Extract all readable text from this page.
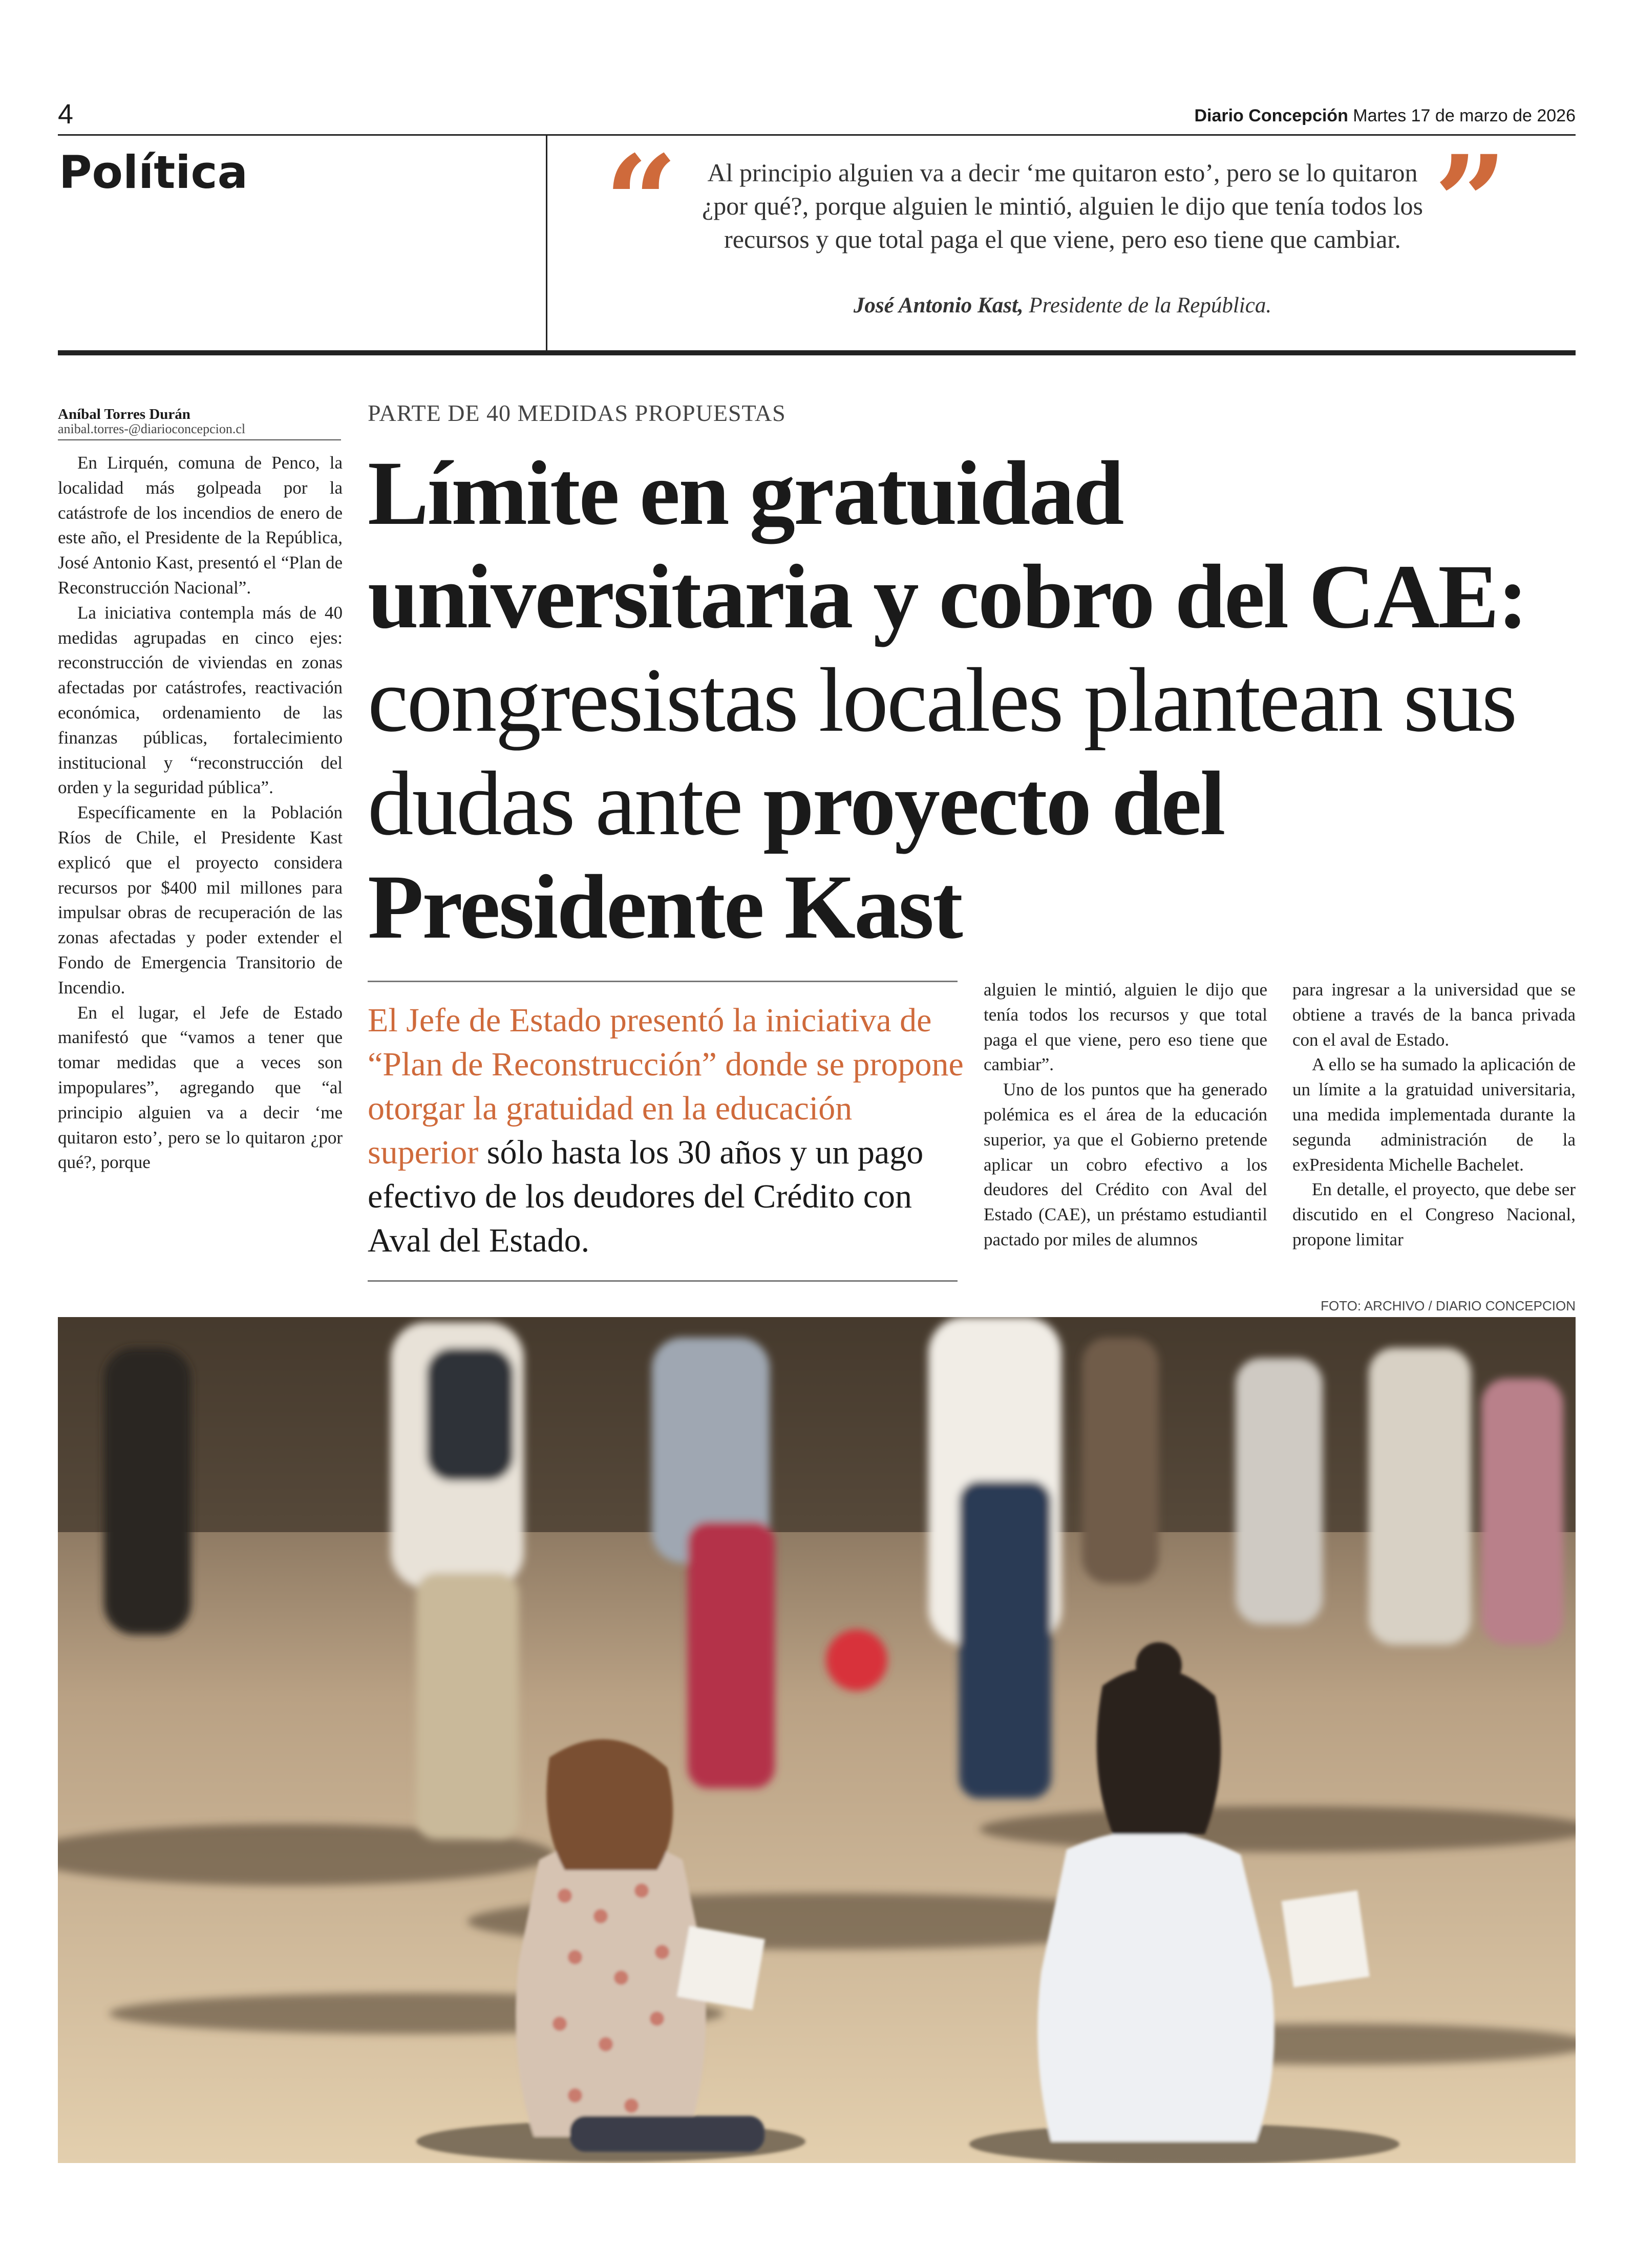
4	Diario Concepción Martes 17 de marzo de 2026
Política	“	”
Al principio alguien va a decir ‘me quitaron esto’, pero se lo quitaron ¿por qué?, porque alguien le mintió, alguien le dijo que tenía todos los recursos y que total paga el que viene, pero eso tiene que cambiar.
José Antonio Kast, Presidente de la República.
Aníbal Torres Durán
anibal.torres-@diarioconcepcion.cl

En Lirquén, comuna de Penco, la localidad más golpeada por la catástrofe de los incendios de enero de este año, el Presidente de la República, José Antonio Kast, presentó el “Plan de Reconstrucción Nacional”.

La iniciativa contempla más de 40 medidas agrupadas en cinco ejes: reconstrucción de viviendas en zonas afectadas por catástrofes, reactivación económica, ordenamiento de las finanzas públicas, fortalecimiento institucional y “reconstrucción del orden y la seguridad pública”.

Específicamente en la Población Ríos de Chile, el Presidente Kast explicó que el proyecto considera recursos por $400 mil millones para impulsar obras de recuperación de las zonas afectadas y poder extender el Fondo de Emergencia Transitorio de Incendio.

En el lugar, el Jefe de Estado manifestó que “vamos a tener que tomar medidas que a veces son impopulares”, agregando que “al principio alguien va a decir ‘me quitaron esto’, pero se lo quitaron ¿por qué?, porque

PARTE DE 40 MEDIDAS PROPUESTAS
Límite en gratuidad universitaria y cobro del CAE: congresistas locales plantean sus dudas ante proyecto del Presidente Kast
El Jefe de Estado presentó la iniciativa de “Plan de Reconstrucción” donde se propone otorgar la gratuidad en la educación superior sólo hasta los 30 años y un pago efectivo de los deudores del Crédito con Aval del Estado.

alguien le mintió, alguien le dijo que tenía todos los recursos y que total paga el que viene, pero eso tiene que cambiar”.

Uno de los puntos que ha generado polémica es el área de la educación superior, ya que el Gobierno pretende aplicar un cobro efectivo a los deudores del Crédito con Aval del Estado (CAE), un préstamo estudiantil pactado por miles de alumnos

para ingresar a la universidad que se obtiene a través de la banca privada con el aval de Estado.

A ello se ha sumado la aplicación de un límite a la gratuidad universitaria, una medida implementada durante la segunda administración de la exPresidenta Michelle Bachelet.

En detalle, el proyecto, que debe ser discutido en el Congreso Nacional, propone limitar

FOTO: ARCHIVO / DIARIO CONCEPCION
